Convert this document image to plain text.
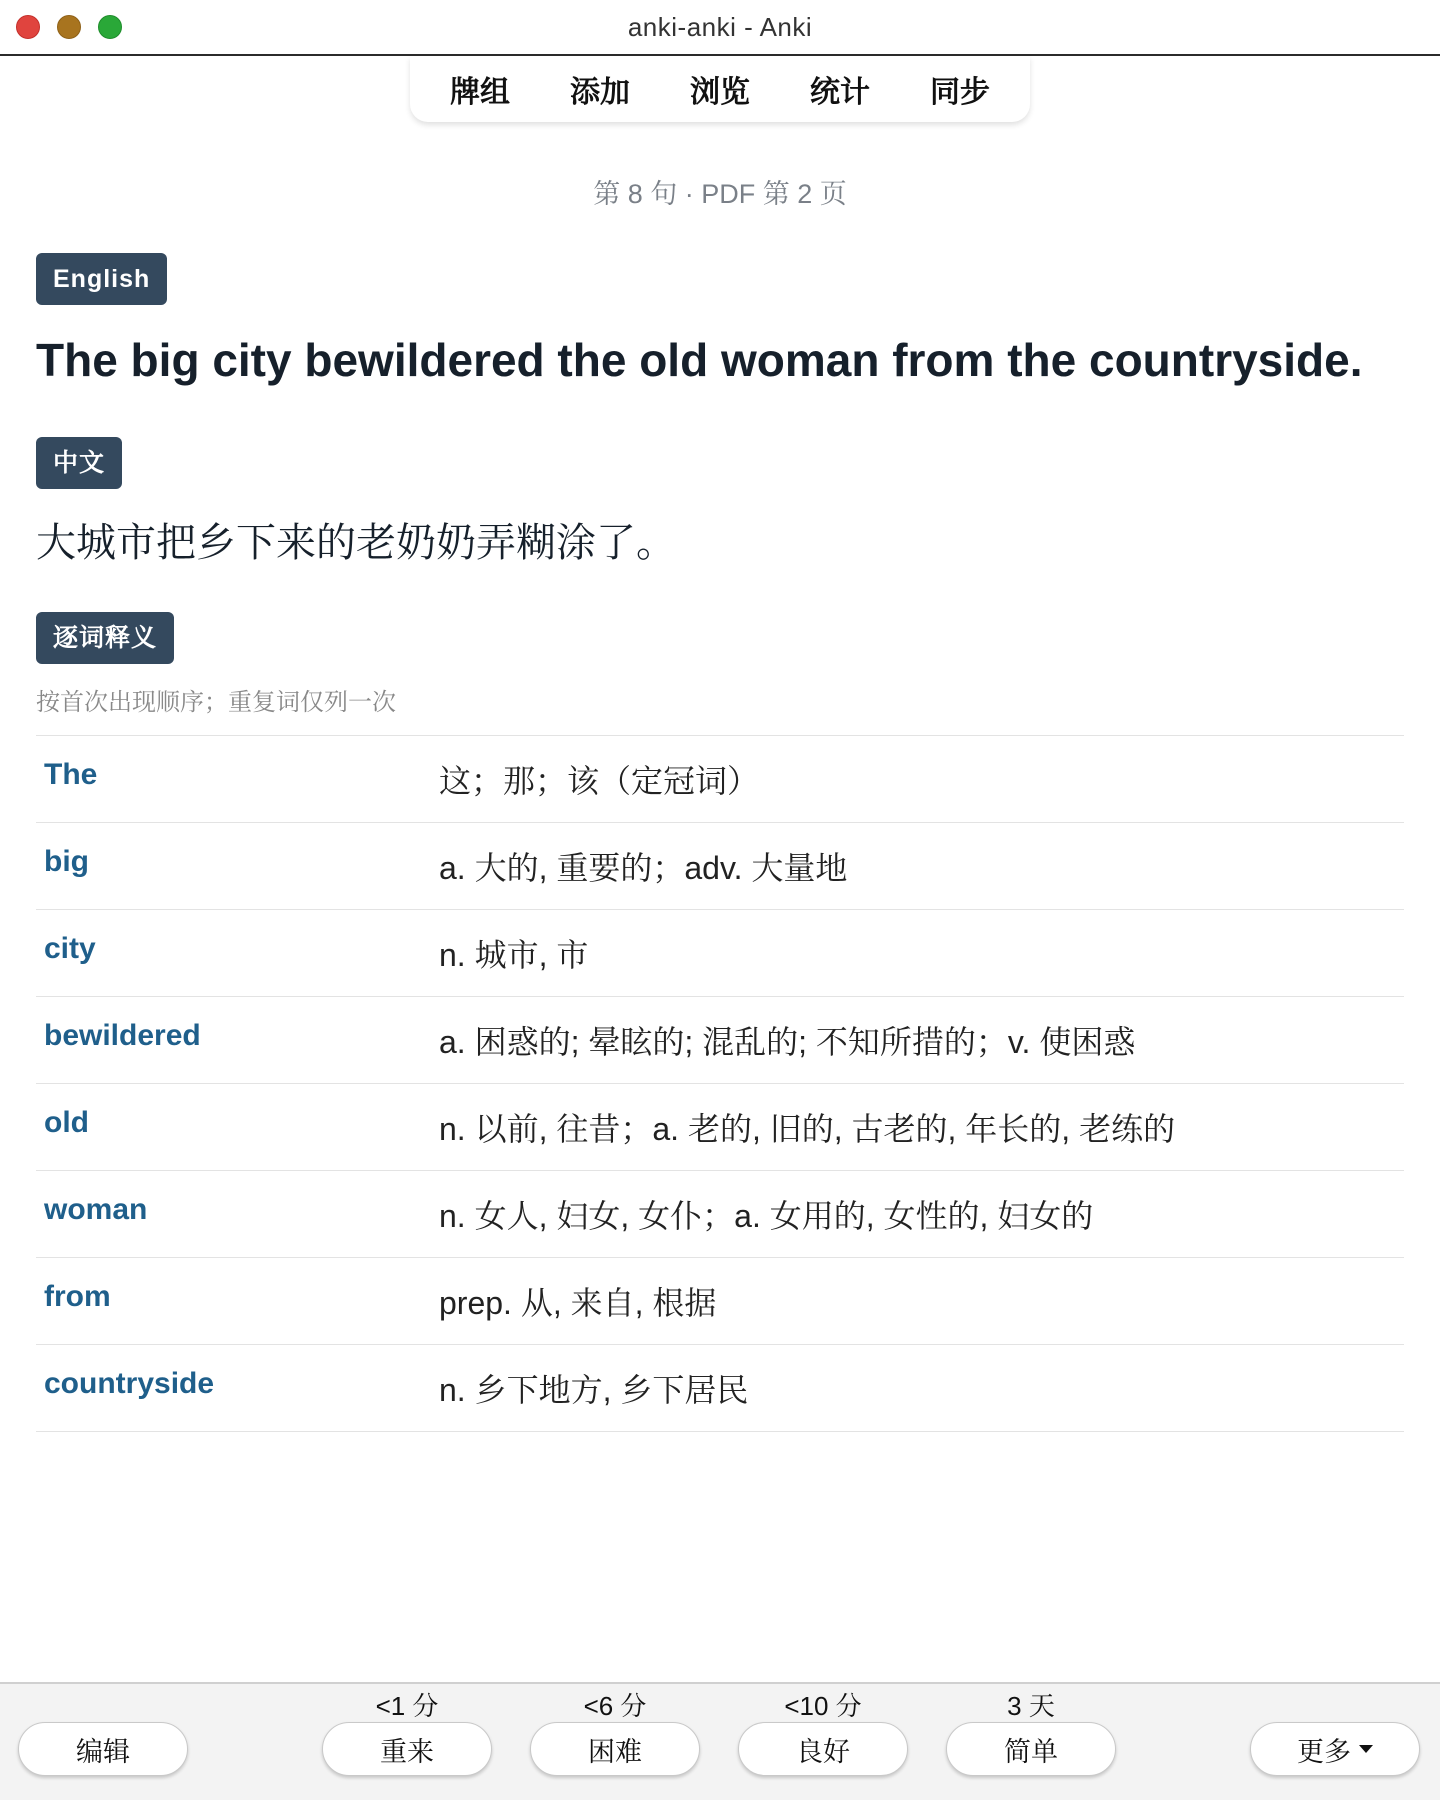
anki-anki - Anki
牌组 添加 浏览 统计 同步
第 8 句 · PDF 第 2 页
English
The big city bewildered the old woman from the countryside.
中文
大城市把乡下来的老奶奶弄糊涂了。
逐词释义
按首次出现顺序；重复词仅列一次
The	这；那；该（定冠词）
big	a. 大的, 重要的；adv. 大量地
city	n. 城市, 市
bewildered	a. 困惑的; 晕眩的; 混乱的; 不知所措的；v. 使困惑
old	n. 以前, 往昔；a. 老的, 旧的, 古老的, 年长的, 老练的
woman	n. 女人, 妇女, 女仆；a. 女用的, 女性的, 妇女的
from	prep. 从, 来自, 根据
countryside	n. 乡下地方, 乡下居民
编辑
<1 分
重来
<6 分
困难
<10 分
良好
3 天
简单	更多
